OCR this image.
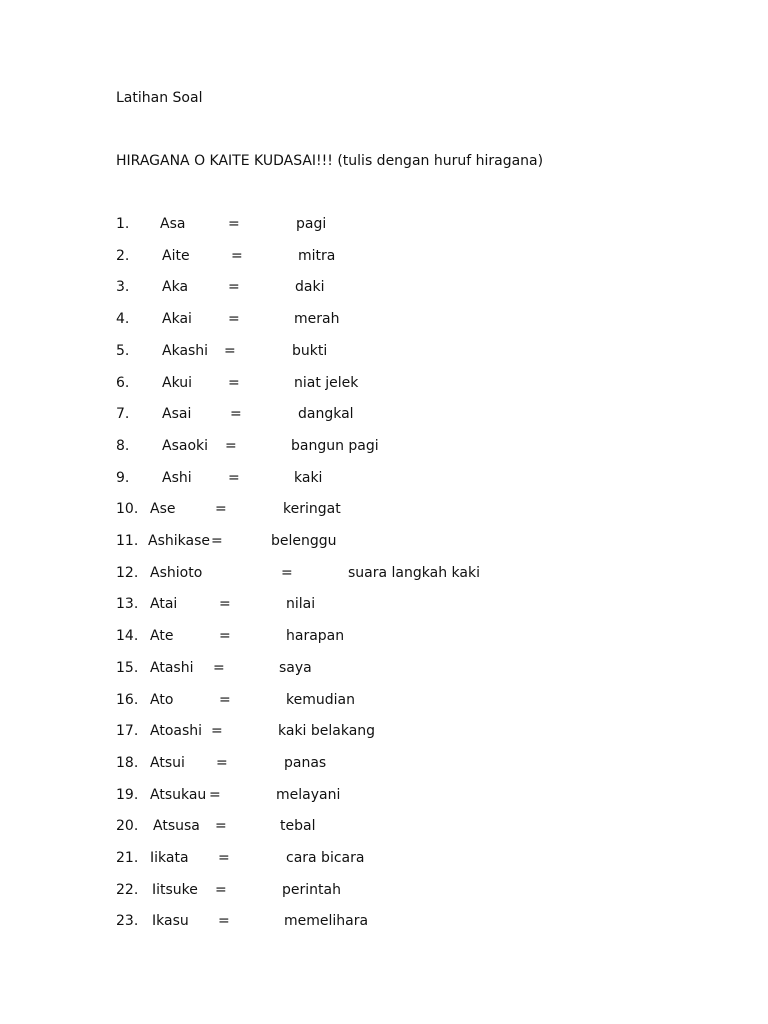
Latihan Soal
HIRAGANA O KAITE KUDASAI!!! (tulis dengan huruf hiragana)
1. Asa	=	pagi
2. Aite	=	mitra
3. Aka	=	daki
4. Akai	=	merah
5. Akashi =	bukti
6. Akui	=	niat jelek
7. Asai	=	dangkal
8. Asaoki =	bangun pagi
9. Ashi	=	kaki
10. Ase	=	keringat
11. Ashikase =	belenggu
12. Ashioto	=	suara langkah kaki
13. Atai	=	nilai
14. Ate	=	harapan
15. Atashi =	saya
16. Ato	=	kemudian
17. Atoashi =	kaki belakang
18. Atsui =	panas
19. Atsukau =	melayani
20. Atsusa =	tebal
21. Iikata =	cara bicara
22. Iitsuke =	perintah
23. Ikasu =	memelihara
